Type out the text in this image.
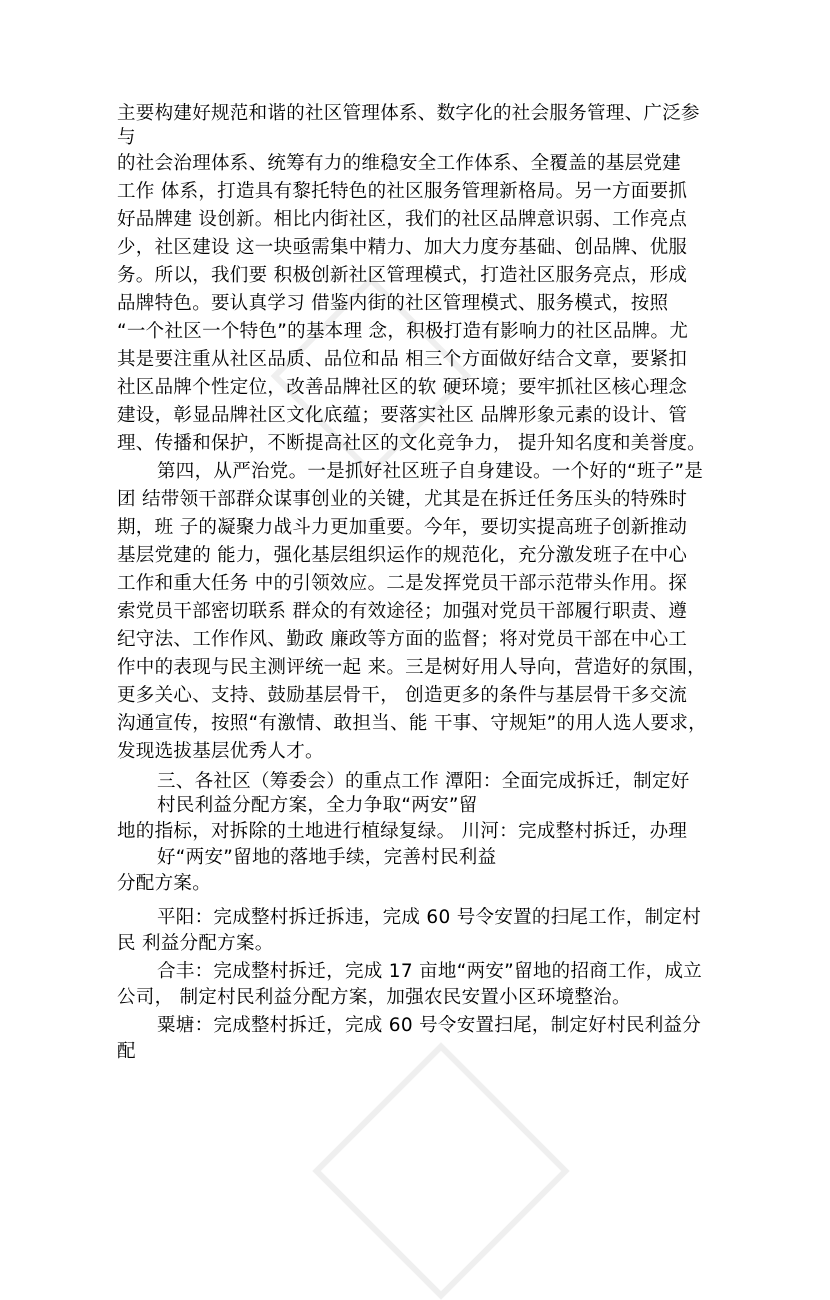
主要构建好规范和谐的社区管理体系、数字化的社会服务管理、广泛参
与
的社会治理体系、统筹有力的维稳安全工作体系、全覆盖的基层党建
工作 体系，打造具有黎托特色的社区服务管理新格局。另一方面要抓
好品牌建 设创新。相比内街社区，我们的社区品牌意识弱、工作亮点
少，社区建设 这一块亟需集中精力、加大力度夯基础、创品牌、优服
务。所以，我们要 积极创新社区管理模式，打造社区服务亮点，形成
品牌特色。要认真学习 借鉴内街的社区管理模式、服务模式，按照
“一个社区一个特色”的基本理 念，积极打造有影响力的社区品牌。尤
其是要注重从社区品质、品位和品 相三个方面做好结合文章，要紧扣
社区品牌个性定位，改善品牌社区的软 硬环境；要牢抓社区核心理念
建设，彰显品牌社区文化底蕴；要落实社区 品牌形象元素的设计、管
理、传播和保护，不断提高社区的文化竞争力， 提升知名度和美誉度。
第四，从严治党。一是抓好社区班子自身建设。一个好的“班子”是
团 结带领干部群众谋事创业的关键，尤其是在拆迁任务压头的特殊时
期，班 子的凝聚力战斗力更加重要。今年，要切实提高班子创新推动
基层党建的 能力，强化基层组织运作的规范化，充分激发班子在中心
工作和重大任务 中的引领效应。二是发挥党员干部示范带头作用。探
索党员干部密切联系 群众的有效途径；加强对党员干部履行职责、遵
纪守法、工作作风、勤政 廉政等方面的监督；将对党员干部在中心工
作中的表现与民主测评统一起 来。三是树好用人导向，营造好的氛围，
更多关心、支持、鼓励基层骨干， 创造更多的条件与基层骨干多交流
沟通宣传，按照“有激情、敢担当、能 干事、守规矩”的用人选人要求，
发现选拔基层优秀人才。
三、各社区（筹委会）的重点工作 潭阳：全面完成拆迁，制定好
村民利益分配方案，全力争取“两安”留
地的指标，对拆除的土地进行植绿复绿。 川河：完成整村拆迁，办理
好“两安”留地的落地手续，完善村民利益
分配方案。
平阳：完成整村拆迁拆违，完成 60 号令安置的扫尾工作，制定村
民 利益分配方案。
合丰：完成整村拆迁，完成 17 亩地“两安”留地的招商工作，成立
公司， 制定村民利益分配方案，加强农民安置小区环境整治。
粟塘：完成整村拆迁，完成 60 号令安置扫尾，制定好村民利益分
配
